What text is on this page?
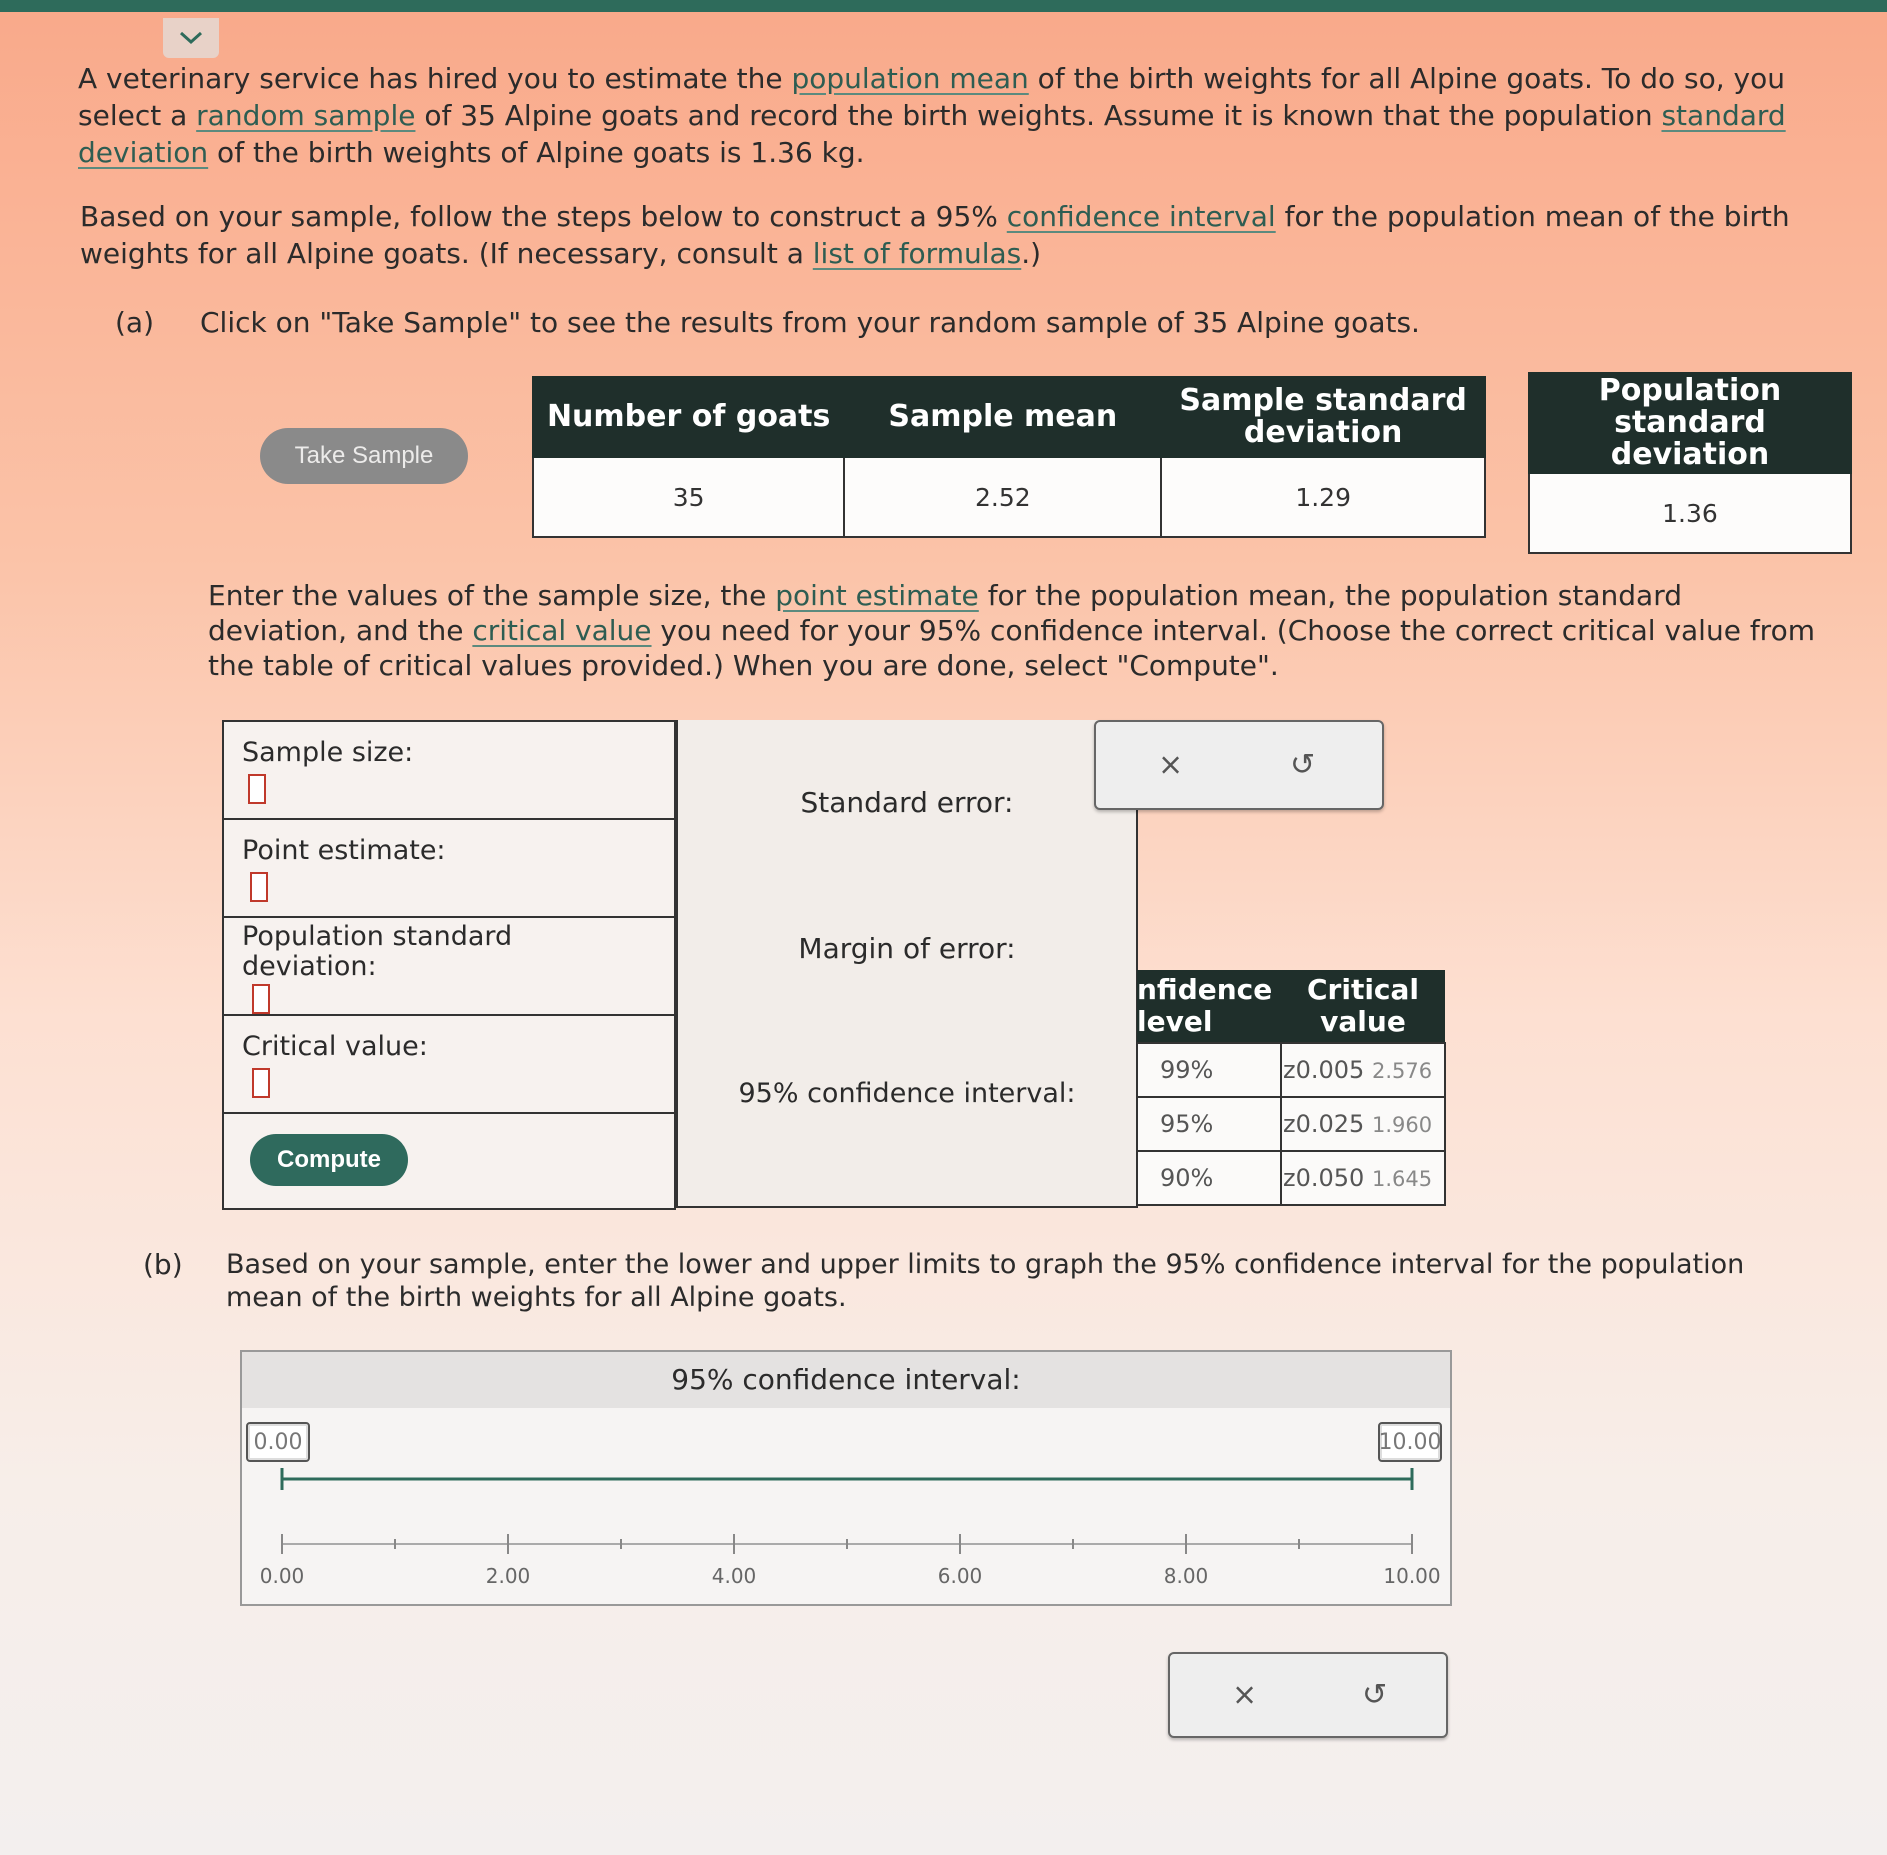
A veterinary service has hired you to estimate the population mean of the birth weights for all Alpine goats. To do so, you select a random sample of 35 Alpine goats and record the birth weights. Assume it is known that the population standard deviation of the birth weights of Alpine goats is 1.36 kg.
Based on your sample, follow the steps below to construct a 95% confidence interval for the population mean of the birth weights for all Alpine goats. (If necessary, consult a list of formulas.)
(a) Click on "Take Sample" to see the results from your random sample of 35 Alpine goats.
Take Sample
Number of goats	Sample mean	Sample standard deviation
35	2.52	1.29
Population standard deviation
1.36
Enter the values of the sample size, the point estimate for the population mean, the population standard deviation, and the critical value you need for your 95% confidence interval. (Choose the correct critical value from the table of critical values provided.) When you are done, select "Compute".
Sample size:
Point estimate:
Population standard deviation:
Critical value:
Compute
Standard error:
Margin of error:
95% confidence interval:
×	↺
nfidence level	Critical value
99%	z0.005 2.576
95%	z0.025 1.960
90%	z0.050 1.645
(b) Based on your sample, enter the lower and upper limits to graph the 95% confidence interval for the population mean of the birth weights for all Alpine goats.
95% confidence interval:
0.00	10.00
0.00	2.00	4.00	6.00	8.00	10.00
×	↺
